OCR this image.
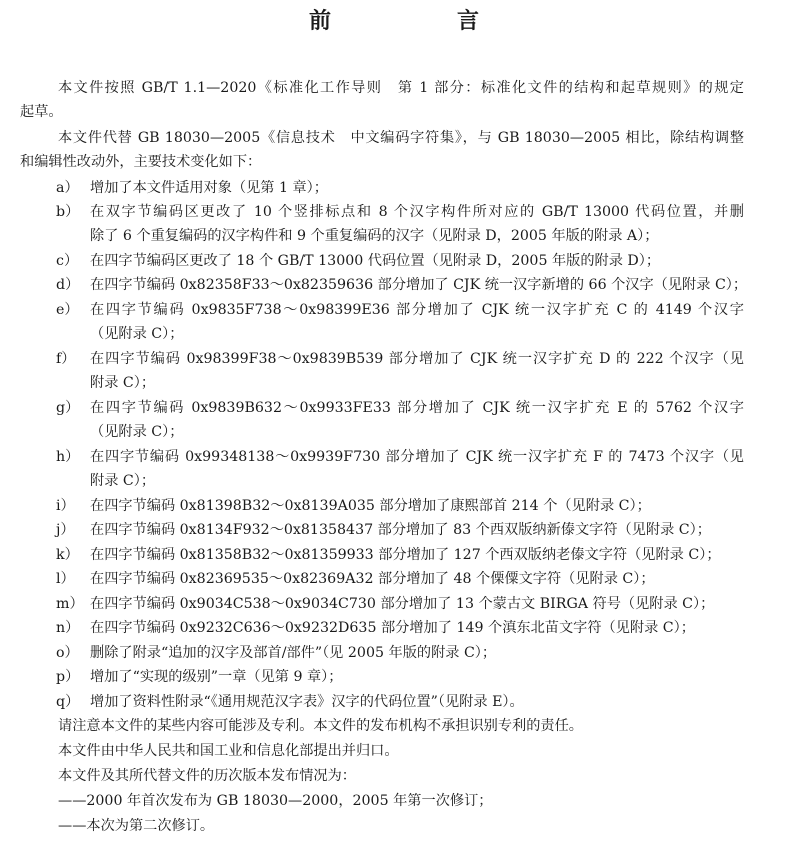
前　言
本文件按照 GB/T 1.1—2020《标准化工作导则　第 1 部分：标准化文件的结构和起草规则》的规定
起草。
本文件代替 GB 18030—2005《信息技术　中文编码字符集》，与 GB 18030—2005 相比，除结构调整
和编辑性改动外，主要技术变化如下：
a） 增加了本文件适用对象（见第 1 章）；
b） 在双字节编码区更改了 10 个竖排标点和 8 个汉字构件所对应的 GB/T 13000 代码位置，并删
除了 6 个重复编码的汉字构件和 9 个重复编码的汉字（见附录 D，2005 年版的附录 A）；
c） 在四字节编码区更改了 18 个 GB/T 13000 代码位置（见附录 D，2005 年版的附录 D）；
d） 在四字节编码 0x82358F33～0x82359636 部分增加了 CJK 统一汉字新增的 66 个汉字（见附录 C）；
e） 在四字节编码 0x9835F738～0x98399E36 部分增加了 CJK 统一汉字扩充 C 的 4149 个汉字
（见附录 C）；
f） 在四字节编码 0x98399F38～0x9839B539 部分增加了 CJK 统一汉字扩充 D 的 222 个汉字（见
附录 C）；
g） 在四字节编码 0x9839B632～0x9933FE33 部分增加了 CJK 统一汉字扩充 E 的 5762 个汉字
（见附录 C）；
h） 在四字节编码 0x99348138～0x9939F730 部分增加了 CJK 统一汉字扩充 F 的 7473 个汉字（见
附录 C）；
i） 在四字节编码 0x81398B32～0x8139A035 部分增加了康熙部首 214 个（见附录 C）；
j） 在四字节编码 0x8134F932～0x81358437 部分增加了 83 个西双版纳新傣文字符（见附录 C）；
k） 在四字节编码 0x81358B32～0x81359933 部分增加了 127 个西双版纳老傣文字符（见附录 C）；
l） 在四字节编码 0x82369535～0x82369A32 部分增加了 48 个傈僳文字符（见附录 C）；
m） 在四字节编码 0x9034C538～0x9034C730 部分增加了 13 个蒙古文 BIRGA 符号（见附录 C）；
n） 在四字节编码 0x9232C636～0x9232D635 部分增加了 149 个滇东北苗文字符（见附录 C）；
o） 删除了附录“追加的汉字及部首/部件”（见 2005 年版的附录 C）；
p） 增加了“实现的级别”一章（见第 9 章）；
q） 增加了资料性附录“《通用规范汉字表》汉字的代码位置”（见附录 E）。
请注意本文件的某些内容可能涉及专利。本文件的发布机构不承担识别专利的责任。
本文件由中华人民共和国工业和信息化部提出并归口。
本文件及其所代替文件的历次版本发布情况为：
——2000 年首次发布为 GB 18030—2000，2005 年第一次修订；
——本次为第二次修订。
